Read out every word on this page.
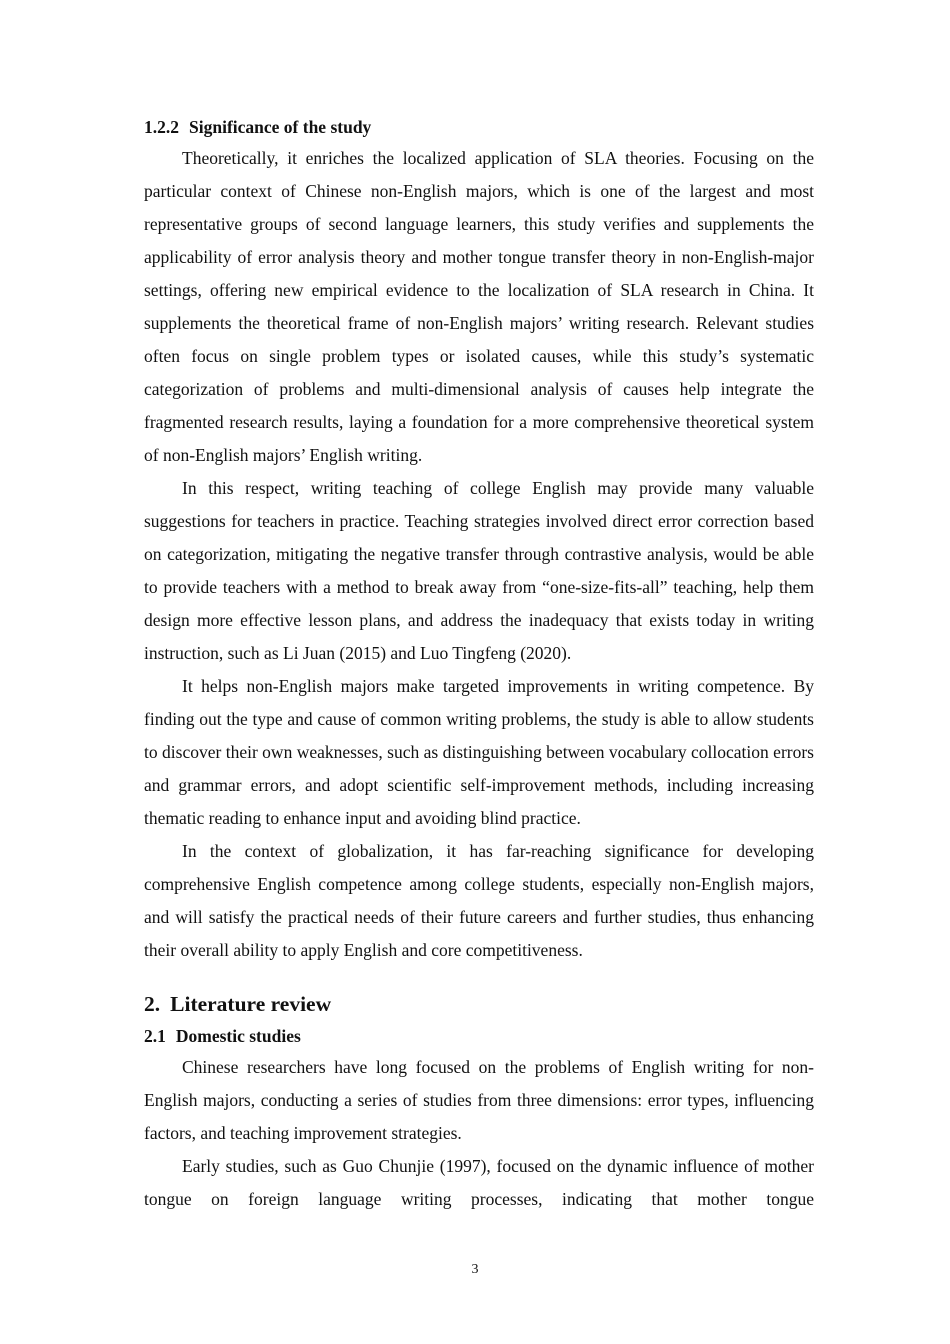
1.2.2 Significance of the study

Theoretically, it enriches the localized application of SLA theories. Focusing on the particular context of Chinese non-English majors, which is one of the largest and most representative groups of second language learners, this study verifies and supplements the applicability of error analysis theory and mother tongue transfer theory in non-English-major settings, offering new empirical evidence to the localization of SLA research in China. It supplements the theoretical frame of non-English majors’ writing research. Relevant studies often focus on single problem types or isolated causes, while this study’s systematic categorization of problems and multi-dimensional analysis of causes help integrate the fragmented research results, laying a foundation for a more comprehensive theoretical system of non-English majors’ English writing.

In this respect, writing teaching of college English may provide many valuable suggestions for teachers in practice. Teaching strategies involved direct error correction based on categorization, mitigating the negative transfer through contrastive analysis, would be able to provide teachers with a method to break away from “one-size-fits-all” teaching, help them design more effective lesson plans, and address the inadequacy that exists today in writing instruction, such as Li Juan (2015) and Luo Tingfeng (2020).

It helps non-English majors make targeted improvements in writing competence. By finding out the type and cause of common writing problems, the study is able to allow students to discover their own weaknesses, such as distinguishing between vocabulary collocation errors and grammar errors, and adopt scientific self-improvement methods, including increasing thematic reading to enhance input and avoiding blind practice.

In the context of globalization, it has far-reaching significance for developing comprehensive English competence among college students, especially non-English majors, and will satisfy the practical needs of their future careers and further studies, thus enhancing their overall ability to apply English and core competitiveness.

2. Literature review
2.1 Domestic studies

Chinese researchers have long focused on the problems of English writing for non-English majors, conducting a series of studies from three dimensions: error types, influencing factors, and teaching improvement strategies.

Early studies, such as Guo Chunjie (1997), focused on the dynamic influence of mother tongue on foreign language writing processes, indicating that mother tongue

3
